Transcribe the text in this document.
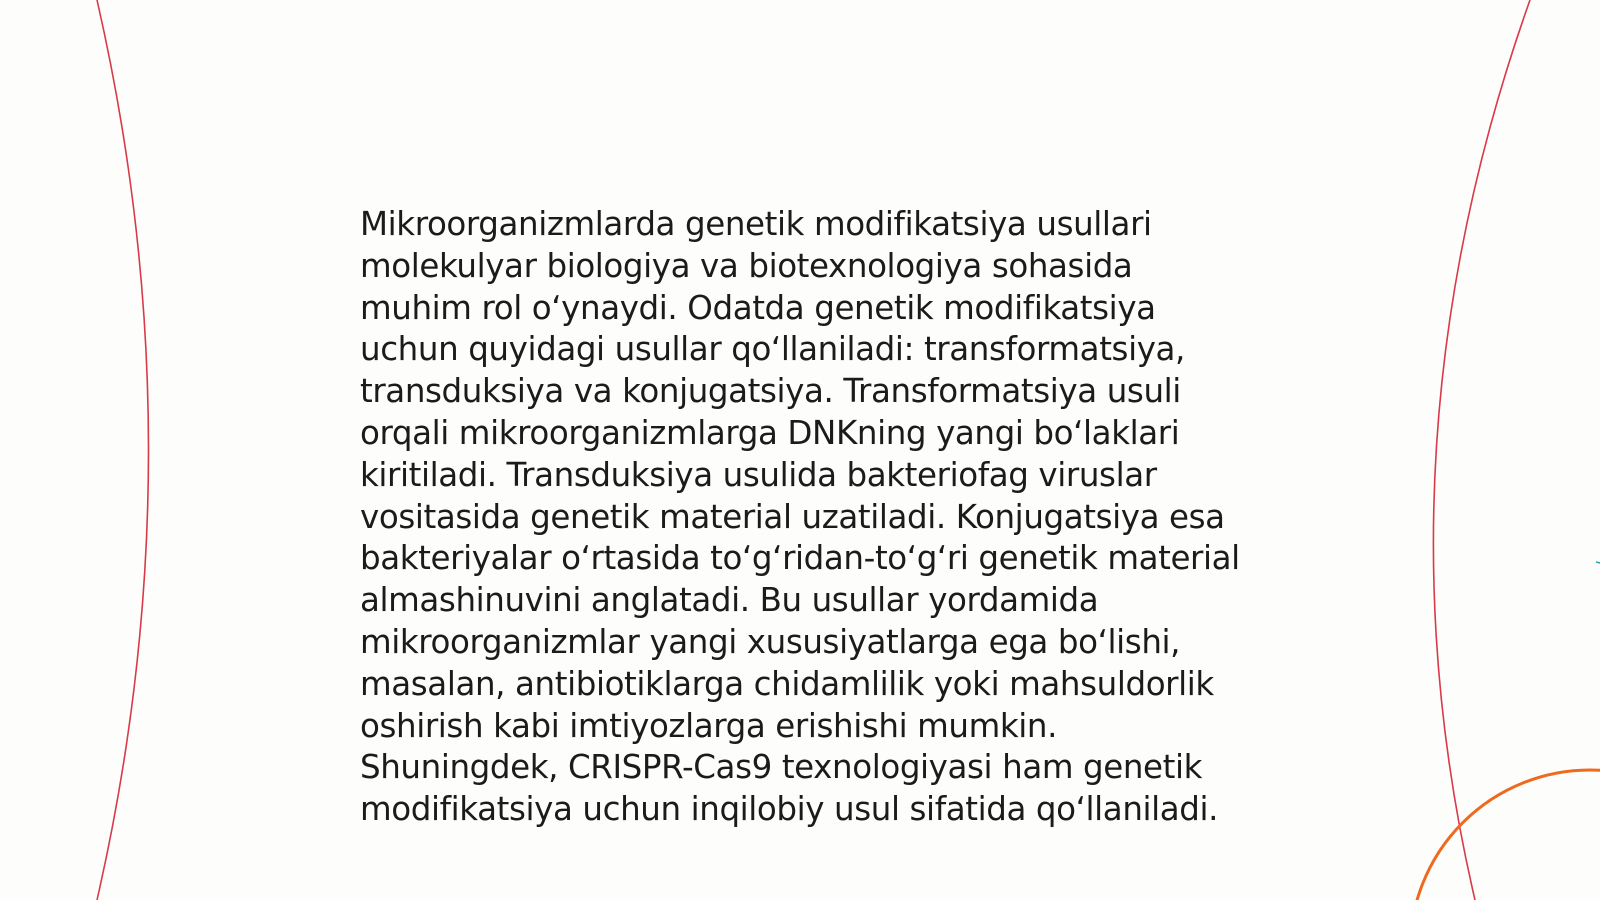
Mikroorganizmlarda genetik modifikatsiya usullari
molekulyar biologiya va biotexnologiya sohasida
muhim rol oʻynaydi. Odatda genetik modifikatsiya
uchun quyidagi usullar qoʻllaniladi: transformatsiya,
transduksiya va konjugatsiya. Transformatsiya usuli
orqali mikroorganizmlarga DNKning yangi boʻlaklari
kiritiladi. Transduksiya usulida bakteriofag viruslar
vositasida genetik material uzatiladi. Konjugatsiya esa
bakteriyalar oʻrtasida toʻgʻridan-toʻgʻri genetik material
almashinuvini anglatadi. Bu usullar yordamida
mikroorganizmlar yangi xususiyatlarga ega boʻlishi,
masalan, antibiotiklarga chidamlilik yoki mahsuldorlik
oshirish kabi imtiyozlarga erishishi mumkin.
Shuningdek, CRISPR-Cas9 texnologiyasi ham genetik
modifikatsiya uchun inqilobiy usul sifatida qoʻllaniladi.
